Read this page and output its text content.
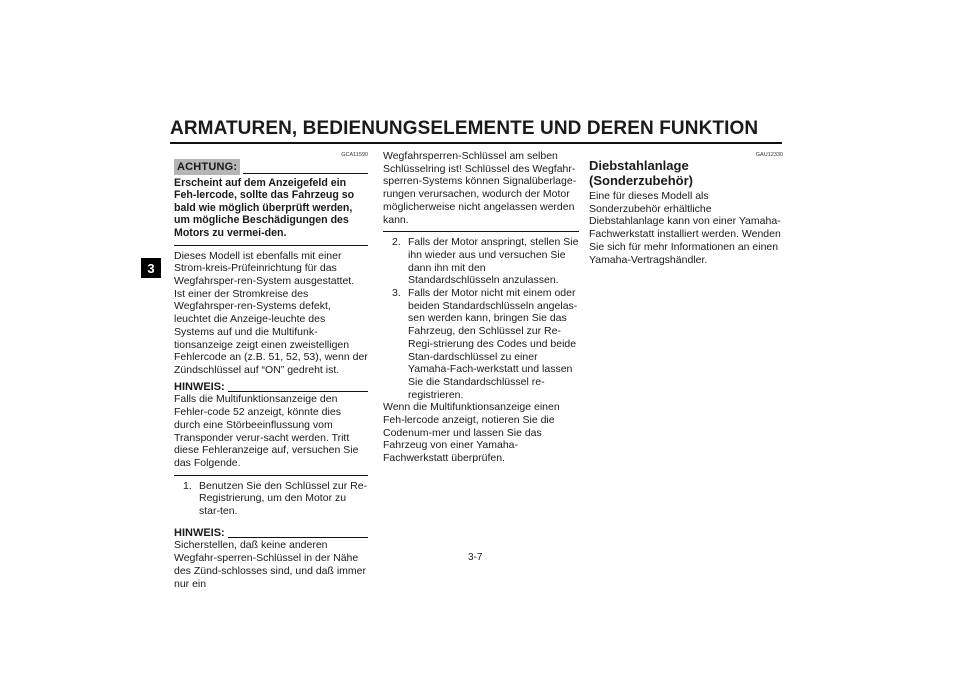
ARMATUREN, BEDIENUNGSELEMENTE UND DEREN FUNKTION
3
GCA11590
ACHTUNG:

Erscheint auf dem Anzeigefeld ein Feh-lercode, sollte das Fahrzeug so bald wie möglich überprüft werden, um mögliche Beschädigungen des Motors zu vermei-den.

Dieses Modell ist ebenfalls mit einer Strom-kreis-Prüfeinrichtung für das Wegfahrsper-ren-System ausgestattet.

Ist einer der Stromkreise des Wegfahrsper-ren-Systems defekt, leuchtet die Anzeige-leuchte des Systems auf und die Multifunk-tionsanzeige zeigt einen zweistelligen Fehlercode an (z.B. 51, 52, 53), wenn der Zündschlüssel auf “ON” gedreht ist.

HINWEIS:

Falls die Multifunktionsanzeige den Fehler-code 52 anzeigt, könnte dies durch eine Störbeeinflussung vom Transponder verur-sacht werden. Tritt diese Fehleranzeige auf, versuchen Sie das Folgende.

1. Benutzen Sie den Schlüssel zur Re-Registrierung, um den Motor zu star-ten.
HINWEIS:

Sicherstellen, daß keine anderen Wegfahr-sperren-Schlüssel in der Nähe des Zünd-schlosses sind, und daß immer nur ein

Wegfahrsperren-Schlüssel am selben Schlüsselring ist! Schlüssel des Wegfahr-sperren-Systems können Signalüberlage-rungen verursachen, wodurch der Motor möglicherweise nicht angelassen werden kann.

2. Falls der Motor anspringt, stellen Sie ihn wieder aus und versuchen Sie dann ihn mit den Standardschlüsseln anzulassen.
3. Falls der Motor nicht mit einem oder beiden Standardschlüsseln angelas-sen werden kann, bringen Sie das Fahrzeug, den Schlüssel zur Re-Regi-strierung des Codes und beide Stan-dardschlüssel zu einer Yamaha-Fach-werkstatt und lassen Sie die Standardschlüssel re-registrieren.

Wenn die Multifunktionsanzeige einen Feh-lercode anzeigt, notieren Sie die Codenum-mer und lassen Sie das Fahrzeug von einer Yamaha-Fachwerkstatt überprüfen.

GAU12330
Diebstahlanlage (Sonderzubehör)

Eine für dieses Modell als Sonderzubehör erhältliche Diebstahlanlage kann von einer Yamaha-Fachwerkstatt installiert werden. Wenden Sie sich für mehr Informationen an einen Yamaha-Vertragshändler.

3-7
